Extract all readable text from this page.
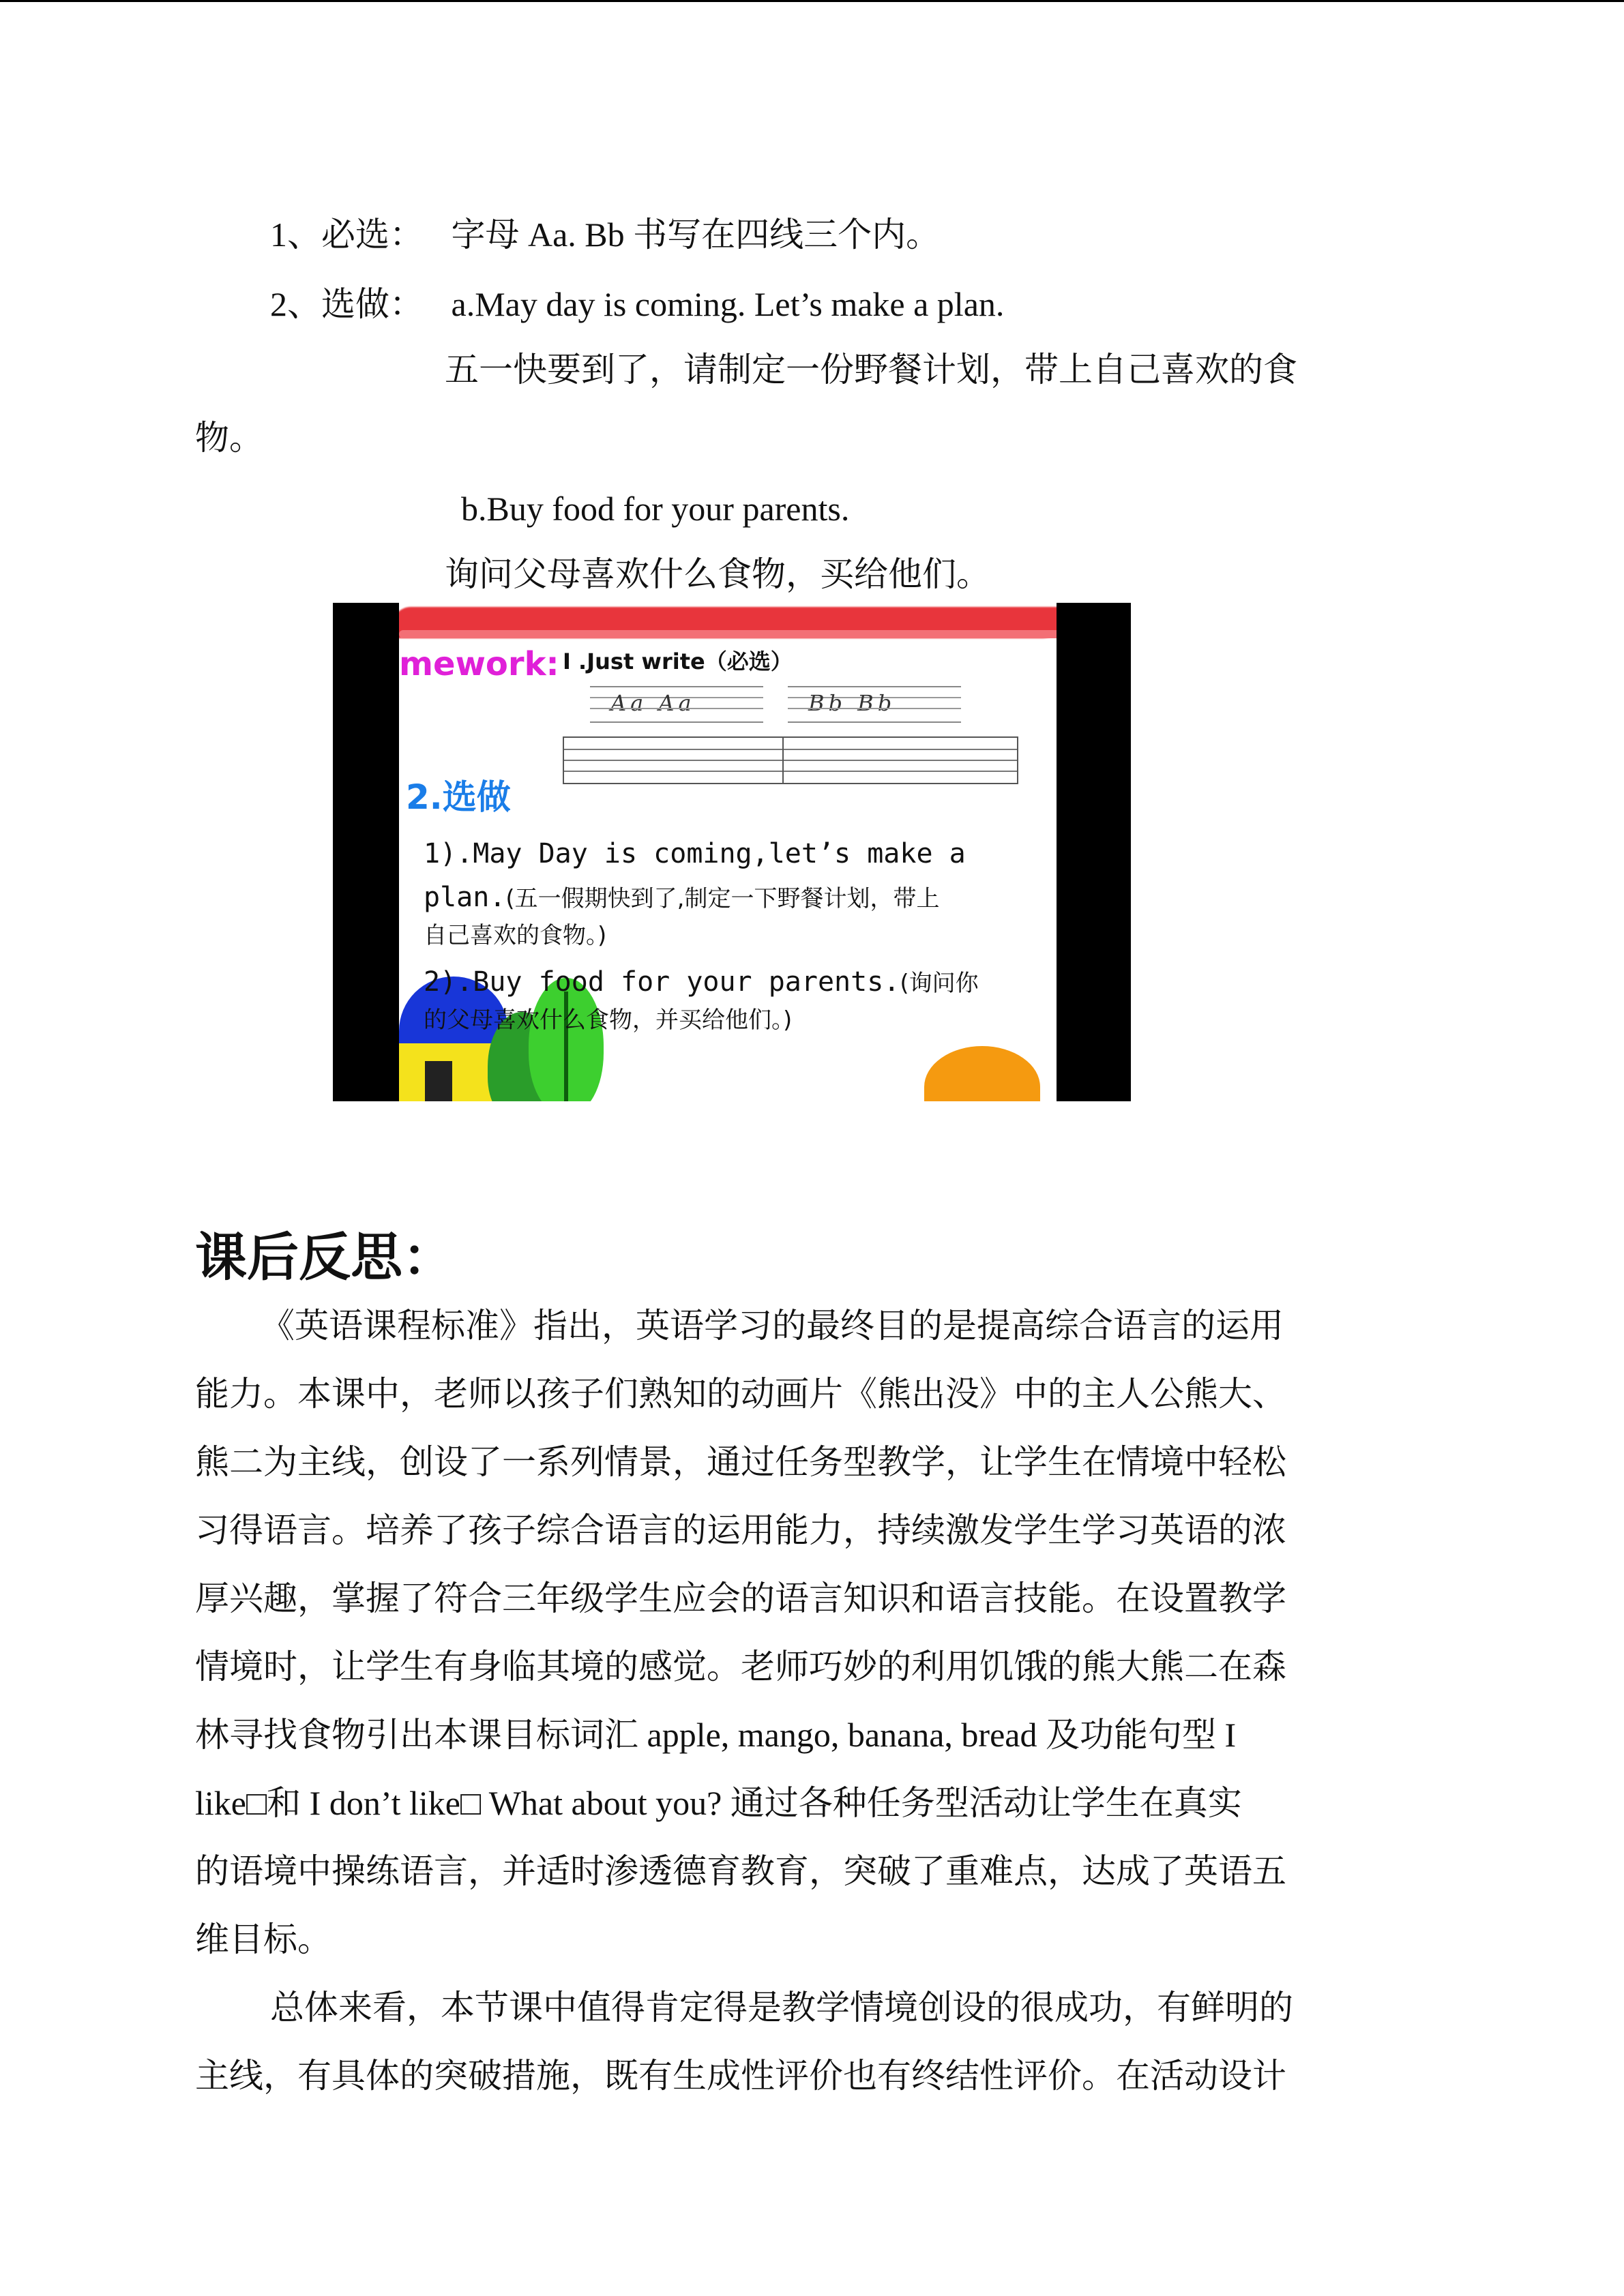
1、必选： 字母 Aa. Bb 书写在四线三个内。
2、选做： a.May day is coming. Let’s make a plan.
五一快要到了，请制定一份野餐计划，带上自己喜欢的食
物。
b.Buy food for your parents.
询问父母喜欢什么食物，买给他们。
mework: I .Just write（必选）
Aa Aa	Bb Bb
2.选做
1).May Day is coming,let’s make a
plan.(五一假期快到了,制定一下野餐计划，带上
自己喜欢的食物。)
2).Buy food for your parents.(询问你
的父母喜欢什么食物，并买给他们。)
课后反思：
《英语课程标准》指出，英语学习的最终目的是提高综合语言的运用
能力。本课中，老师以孩子们熟知的动画片《熊出没》中的主人公熊大、
熊二为主线，创设了一系列情景，通过任务型教学，让学生在情境中轻松
习得语言。培养了孩子综合语言的运用能力，持续激发学生学习英语的浓
厚兴趣，掌握了符合三年级学生应会的语言知识和语言技能。在设置教学
情境时，让学生有身临其境的感觉。老师巧妙的利用饥饿的熊大熊二在森
林寻找食物引出本课目标词汇 apple, mango, banana, bread 及功能句型 I
like□和 I don’t like□ What about you? 通过各种任务型活动让学生在真实
的语境中操练语言，并适时渗透德育教育，突破了重难点，达成了英语五
维目标。
总体来看，本节课中值得肯定得是教学情境创设的很成功，有鲜明的
主线，有具体的突破措施，既有生成性评价也有终结性评价。在活动设计
